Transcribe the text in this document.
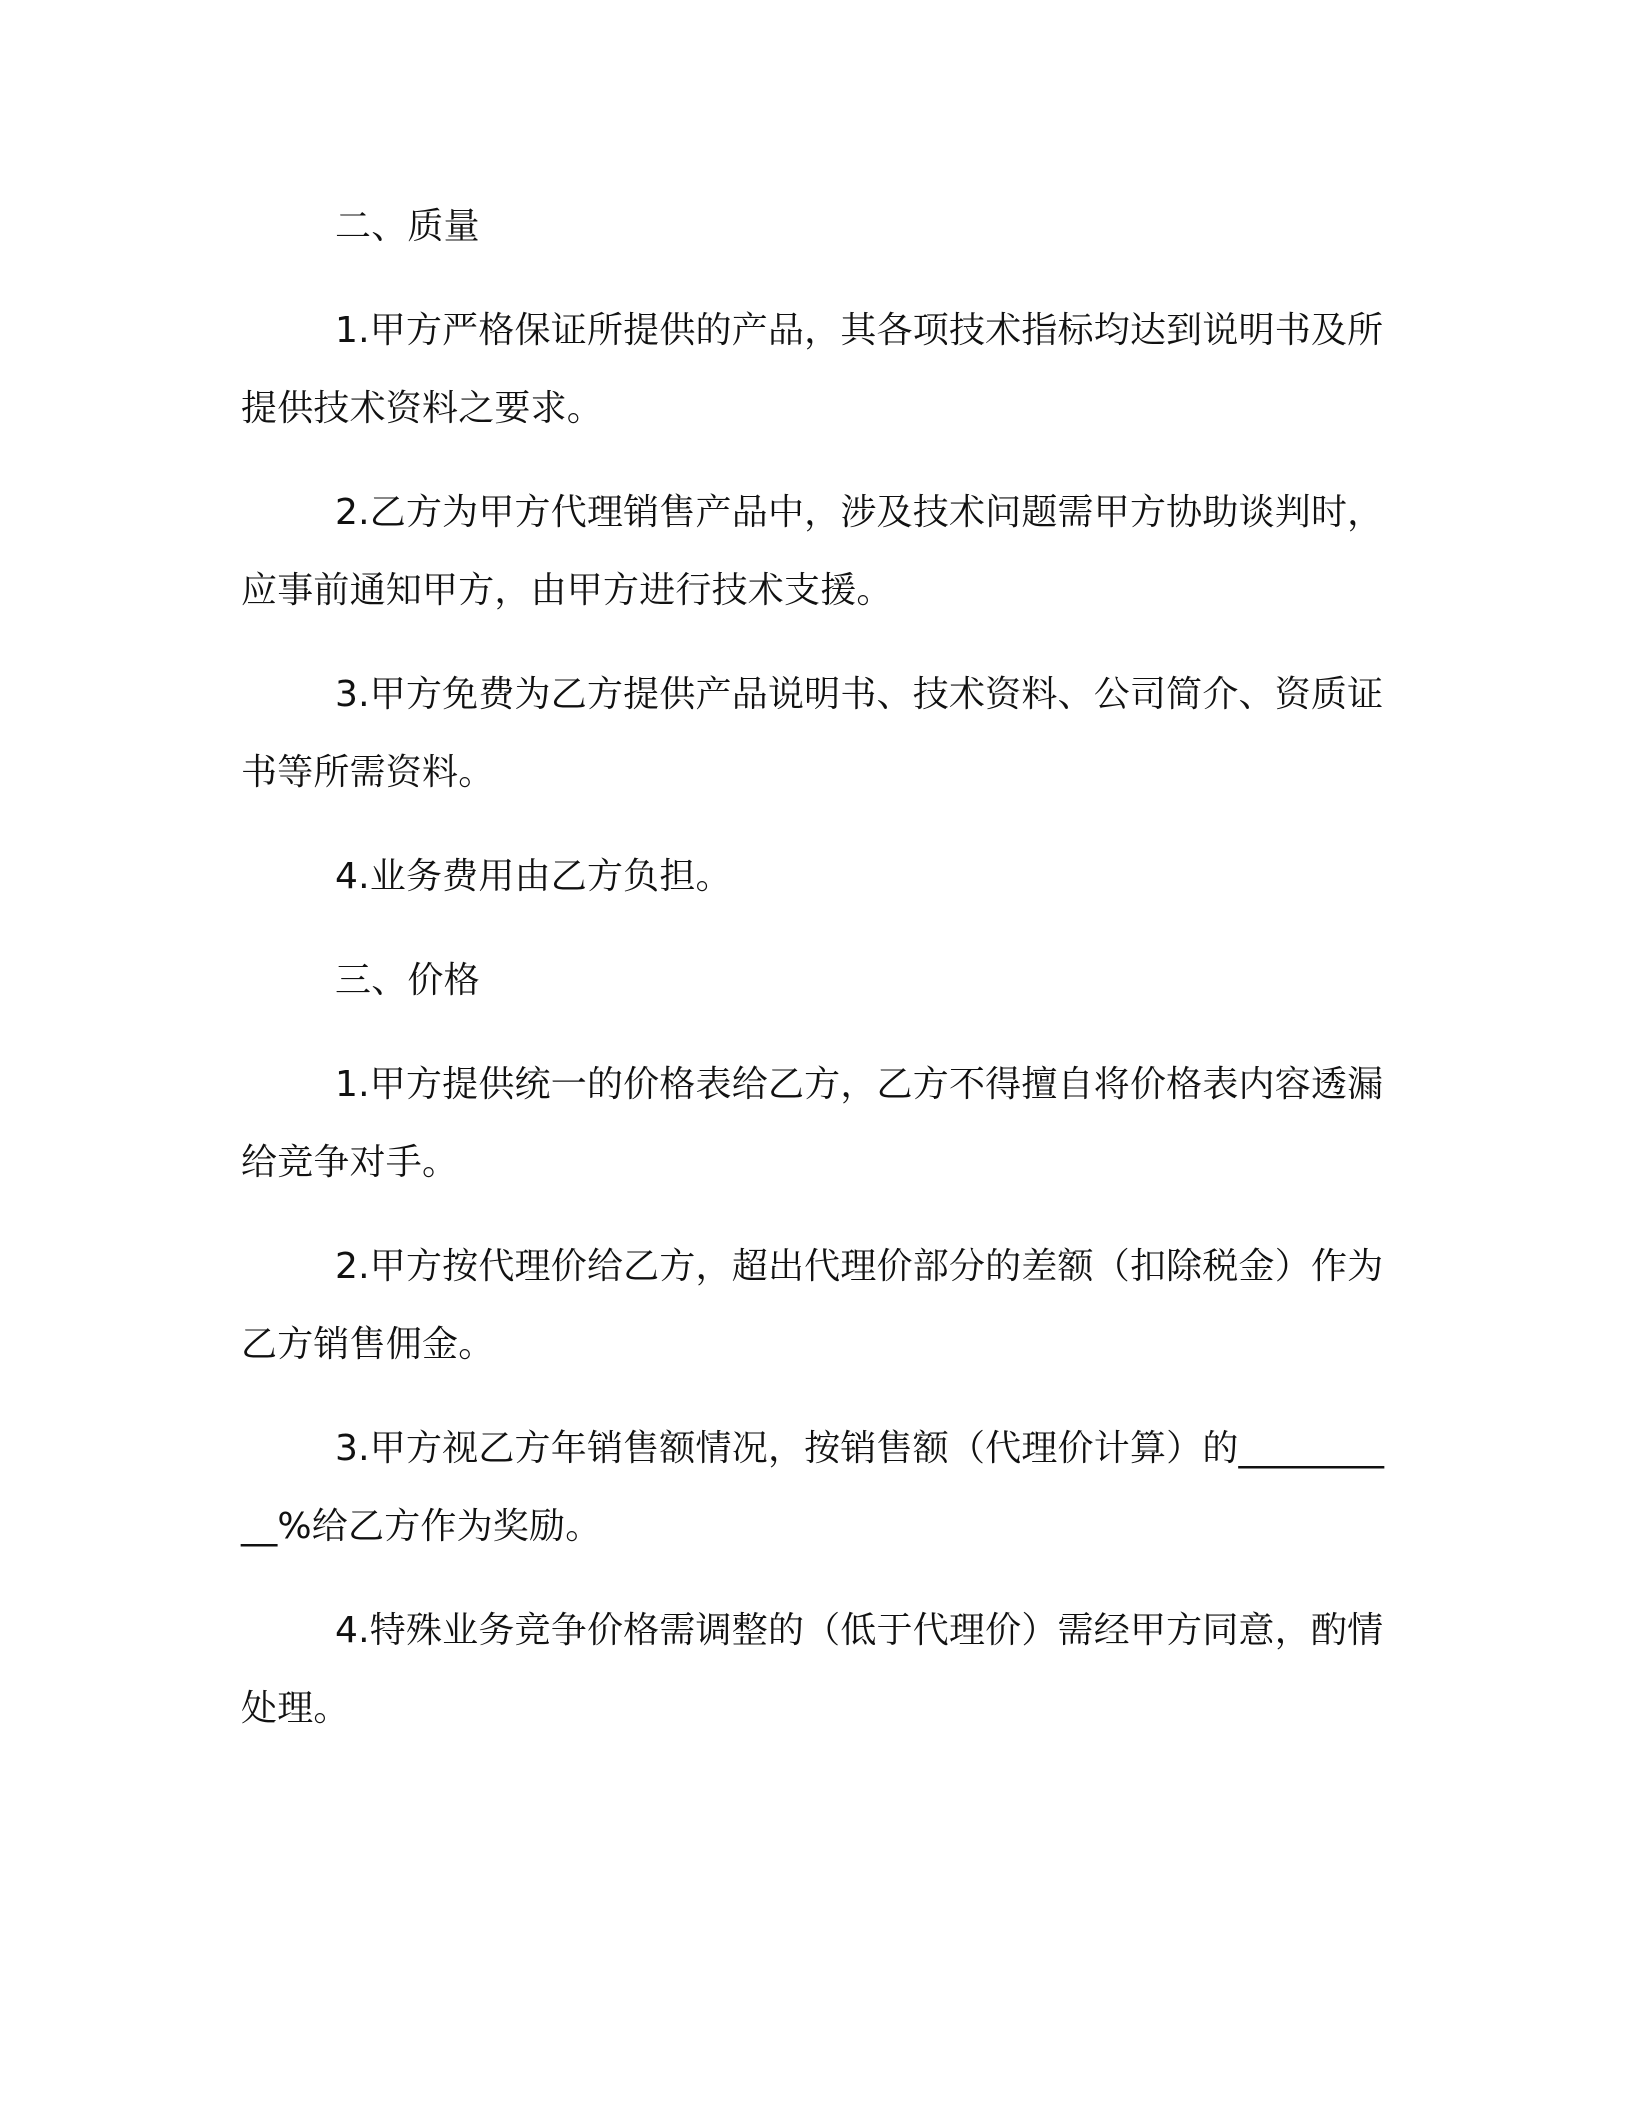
二、质量
1.甲方严格保证所提供的产品，其各项技术指标均达到说明书及所提供技术资料之要求。
2.乙方为甲方代理销售产品中，涉及技术问题需甲方协助谈判时，应事前通知甲方，由甲方进行技术支援。
3.甲方免费为乙方提供产品说明书、技术资料、公司简介、资质证书等所需资料。
4.业务费用由乙方负担。
三、价格
1.甲方提供统一的价格表给乙方，乙方不得擅自将价格表内容透漏给竞争对手。
2.甲方按代理价给乙方，超出代理价部分的差额（扣除税金）作为乙方销售佣金。
3.甲方视乙方年销售额情况，按销售额（代理价计算）的__________%给乙方作为奖励。
4.特殊业务竞争价格需调整的（低于代理价）需经甲方同意，酌情处理。
